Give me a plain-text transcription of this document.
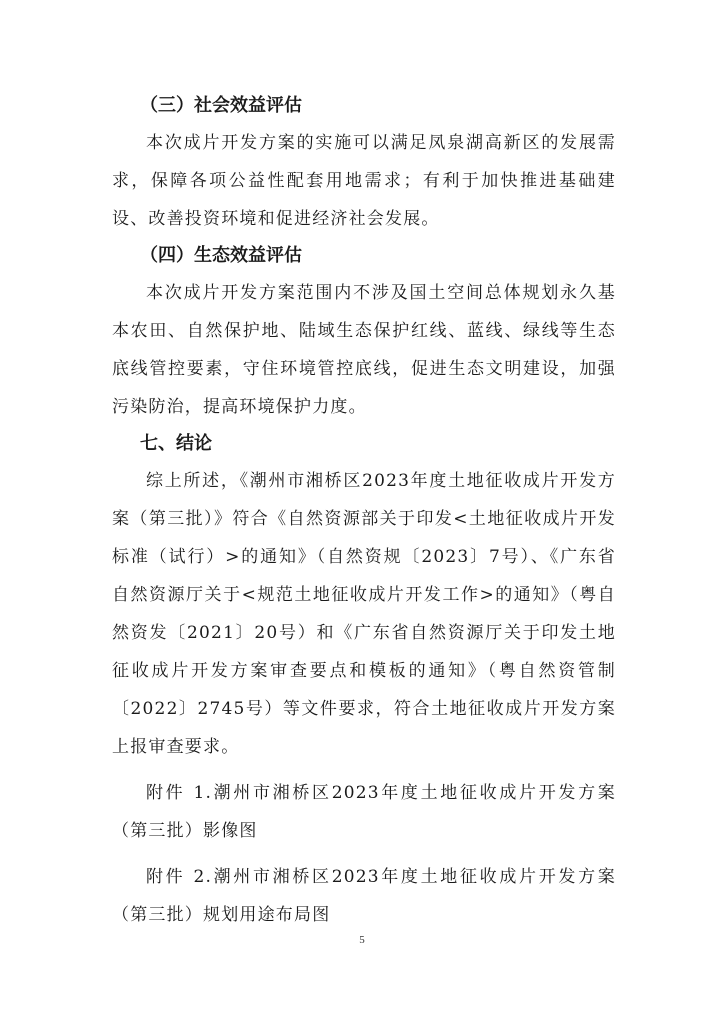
（三）社会效益评估

本次成片开发方案的实施可以满足凤泉湖高新区的发展需求，保障各项公益性配套用地需求；有利于加快推进基础建设、改善投资环境和促进经济社会发展。

（四）生态效益评估

本次成片开发方案范围内不涉及国土空间总体规划永久基本农田、自然保护地、陆域生态保护红线、蓝线、绿线等生态底线管控要素，守住环境管控底线，促进生态文明建设，加强污染防治，提高环境保护力度。

七、结论

综上所述，《潮州市湘桥区2023年度土地征收成片开发方案（第三批）》符合《自然资源部关于印发<土地征收成片开发标准（试行）>的通知》（自然资规〔2023〕7号）、《广东省自然资源厅关于<规范土地征收成片开发工作>的通知》（粤自然资发〔2021〕20号）和《广东省自然资源厅关于印发土地征收成片开发方案审查要点和模板的通知》（粤自然资管制〔2022〕2745号）等文件要求，符合土地征收成片开发方案上报审查要求。

附件 1.潮州市湘桥区2023年度土地征收成片开发方案（第三批）影像图

附件 2.潮州市湘桥区2023年度土地征收成片开发方案（第三批）规划用途布局图

5
